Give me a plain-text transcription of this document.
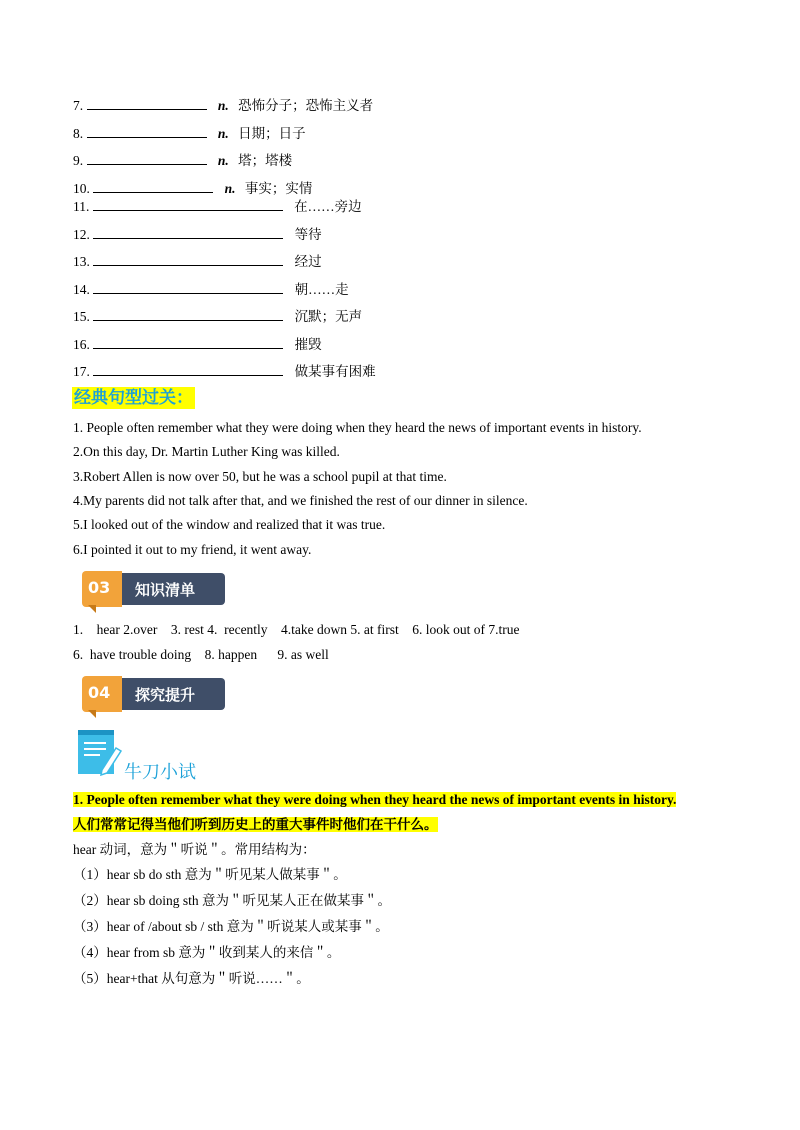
7.	n. 恐怖分子；恐怖主义者
8.	n. 日期；日子
9.	n. 塔；塔楼
10.	n. 事实；实情
11.	在……旁边
12.	等待
13.	经过
14.	朝……走
15.	沉默；无声
16.	摧毁
17.	做某事有困难
经典句型过关：
1. People often remember what they were doing when they heard the news of important events in history.
2.On this day, Dr. Martin Luther King was killed.
3.Robert Allen is now over 50, but he was a school pupil at that time.
4.My parents did not talk after that, and we finished the rest of our dinner in silence.
5.I looked out of the window and realized that it was true.
6.I pointed it out to my friend, it went away.
03 知识清单
1.    hear 2.over    3. rest 4.  recently    4.take down 5. at first    6. look out of 7.true
6.  have trouble doing    8. happen      9. as well
04 探究提升
牛刀小试
1. People often remember what they were doing when they heard the news of important events in history.
人们常常记得当他们听到历史上的重大事件时他们在干什么。
hear 动词，意为＂听说＂。常用结构为：
（1）hear sb do sth 意为＂听见某人做某事＂。
（2）hear sb doing sth 意为＂听见某人正在做某事＂。
（3）hear of /about sb / sth 意为＂听说某人或某事＂。
（4）hear from sb 意为＂收到某人的来信＂。
（5）hear+that 从句意为＂听说……＂。
